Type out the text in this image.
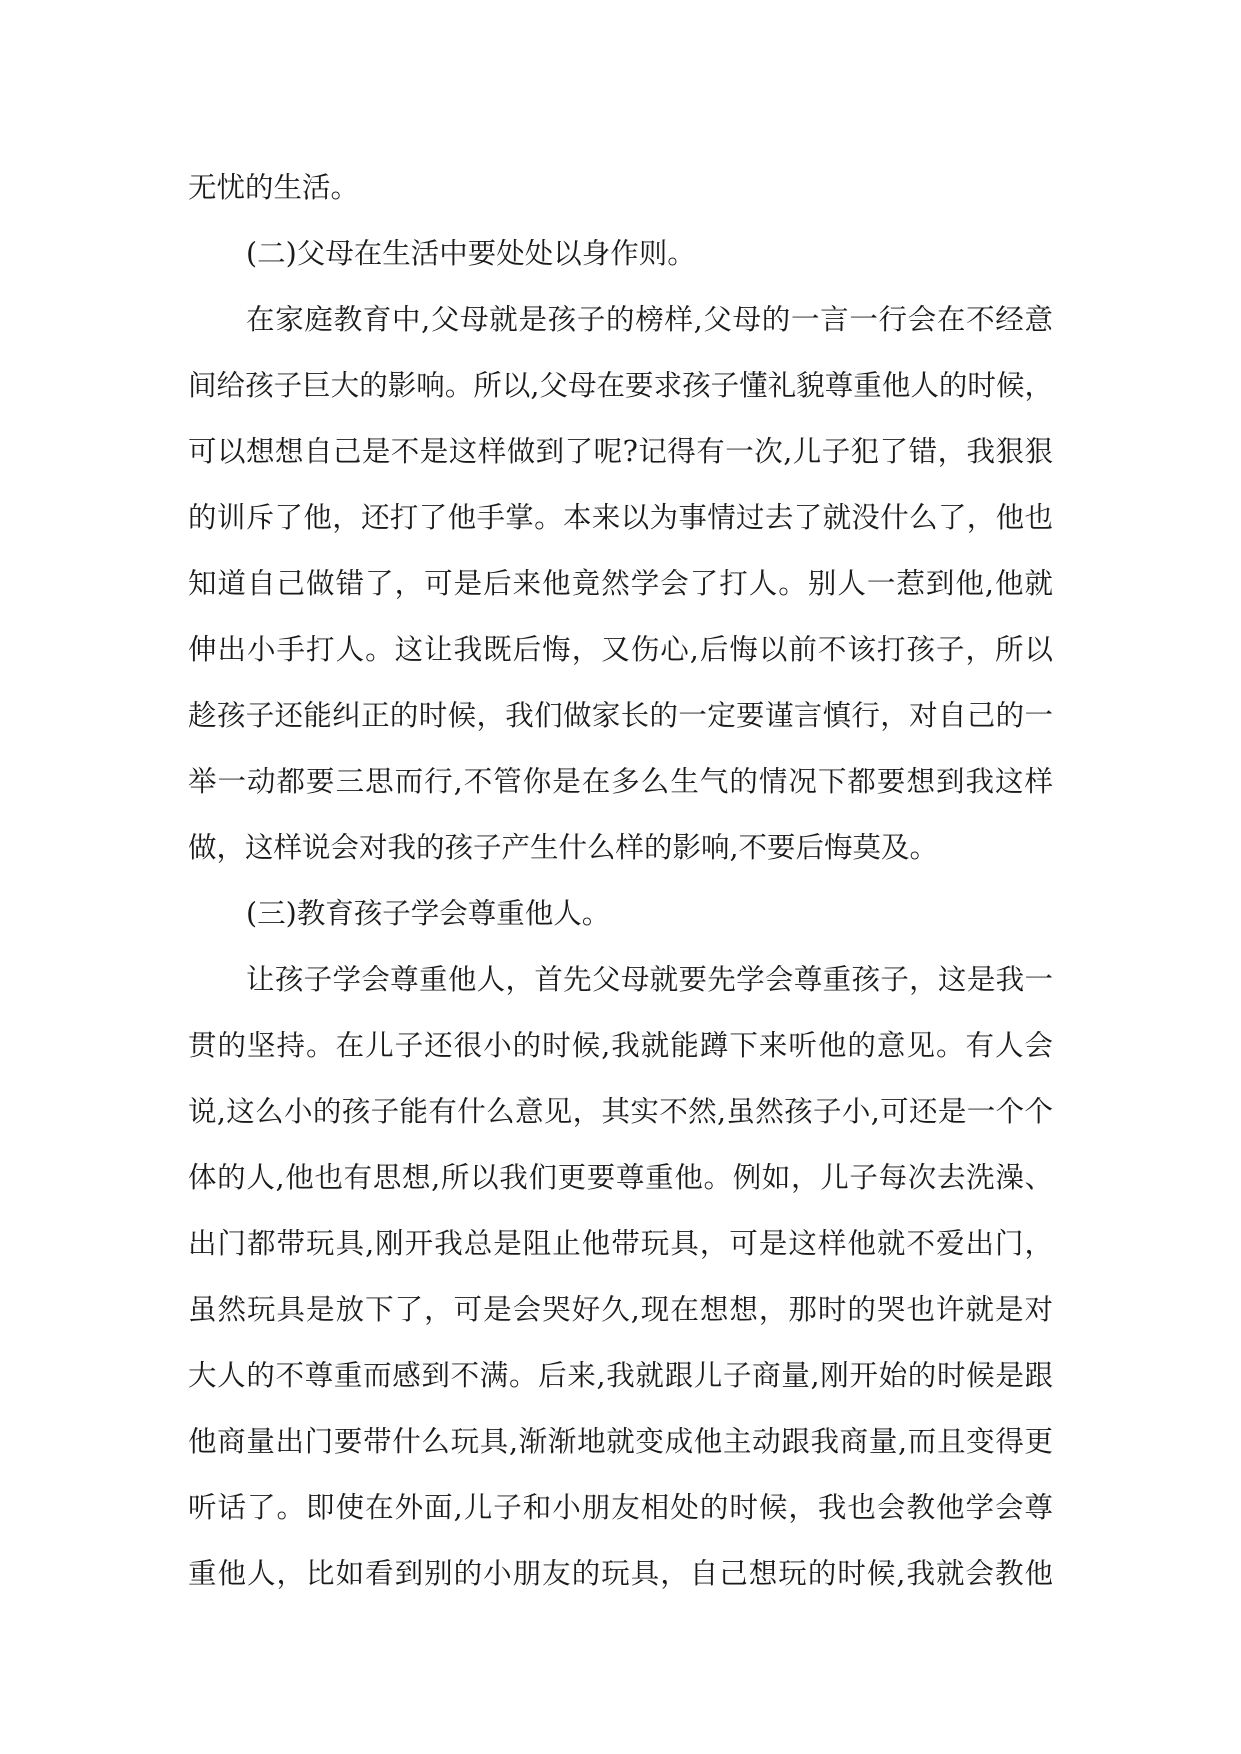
无忧的生活。
(二)父母在生活中要处处以身作则。
在家庭教育中,父母就是孩子的榜样,父母的一言一行会在不经意
间给孩子巨大的影响。所以,父母在要求孩子懂礼貌尊重他人的时候，
可以想想自己是不是这样做到了呢?记得有一次,儿子犯了错，我狠狠
的训斥了他，还打了他手掌。本来以为事情过去了就没什么了，他也
知道自己做错了，可是后来他竟然学会了打人。别人一惹到他,他就
伸出小手打人。这让我既后悔，又伤心,后悔以前不该打孩子，所以
趁孩子还能纠正的时候，我们做家长的一定要谨言慎行，对自己的一
举一动都要三思而行,不管你是在多么生气的情况下都要想到我这样
做，这样说会对我的孩子产生什么样的影响,不要后悔莫及。
(三)教育孩子学会尊重他人。
让孩子学会尊重他人，首先父母就要先学会尊重孩子，这是我一
贯的坚持。在儿子还很小的时候,我就能蹲下来听他的意见。有人会
说,这么小的孩子能有什么意见，其实不然,虽然孩子小,可还是一个个
体的人,他也有思想,所以我们更要尊重他。例如，儿子每次去洗澡、
出门都带玩具,刚开我总是阻止他带玩具，可是这样他就不爱出门，
虽然玩具是放下了，可是会哭好久,现在想想，那时的哭也许就是对
大人的不尊重而感到不满。后来,我就跟儿子商量,刚开始的时候是跟
他商量出门要带什么玩具,渐渐地就变成他主动跟我商量,而且变得更
听话了。即使在外面,儿子和小朋友相处的时候，我也会教他学会尊
重他人，比如看到别的小朋友的玩具，自己想玩的时候,我就会教他
